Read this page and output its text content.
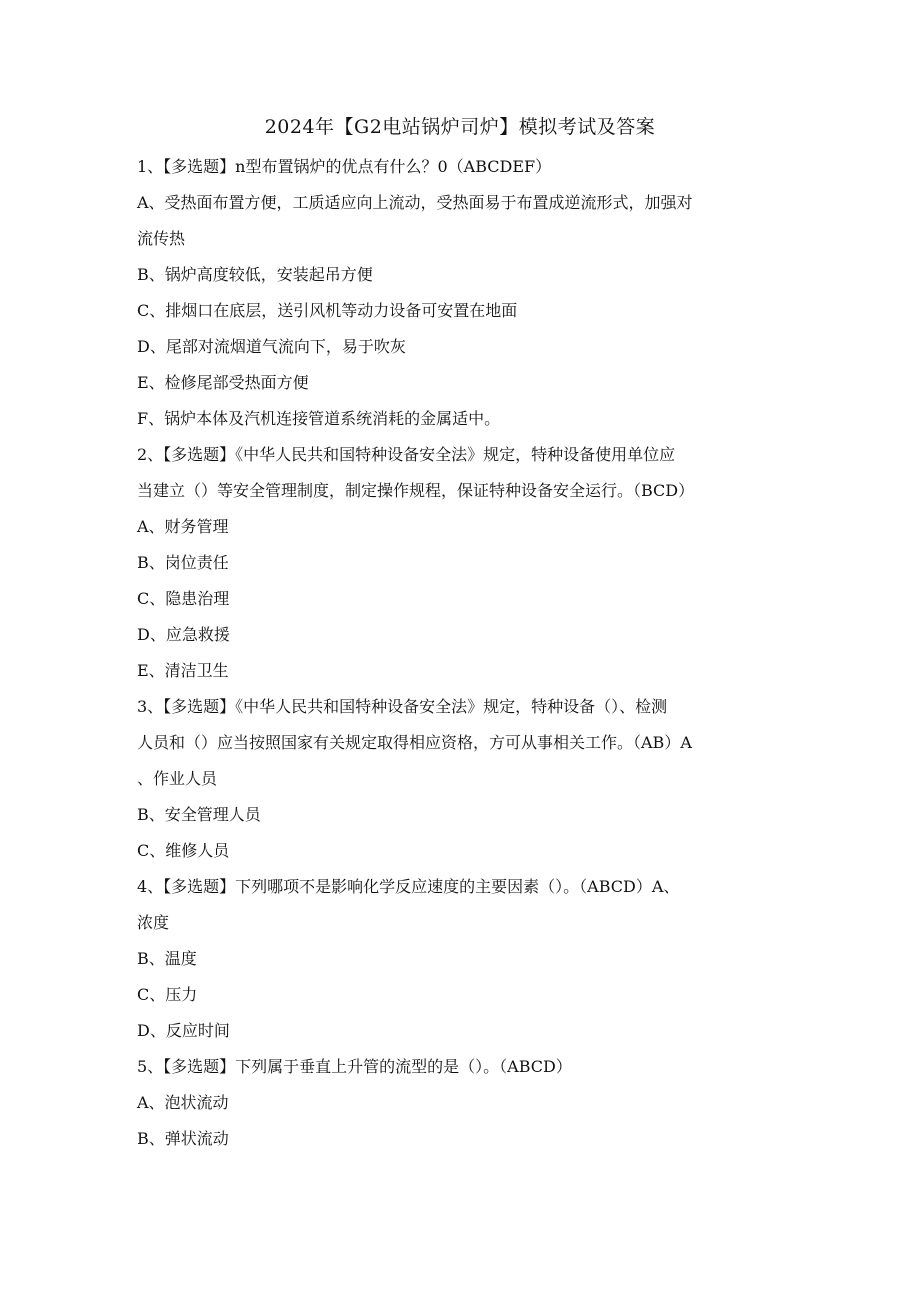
2024年【G2电站锅炉司炉】模拟考试及答案
1、【多选题】n型布置锅炉的优点有什么？0（ABCDEF）
A、受热面布置方便，工质适应向上流动，受热面易于布置成逆流形式，加强对
流传热
B、锅炉高度较低，安装起吊方便
C、排烟口在底层，送引风机等动力设备可安置在地面
D、尾部对流烟道气流向下，易于吹灰
E、检修尾部受热面方便
F、锅炉本体及汽机连接管道系统消耗的金属适中。
2、【多选题】《中华人民共和国特种设备安全法》规定，特种设备使用单位应
当建立（）等安全管理制度，制定操作规程，保证特种设备安全运行。（BCD）
A、财务管理
B、岗位责任
C、隐患治理
D、应急救援
E、清洁卫生
3、【多选题】《中华人民共和国特种设备安全法》规定，特种设备（）、检测
人员和（）应当按照国家有关规定取得相应资格，方可从事相关工作。（AB）A
、作业人员
B、安全管理人员
C、维修人员
4、【多选题】下列哪项不是影响化学反应速度的主要因素（）。（ABCD）A、
浓度
B、温度
C、压力
D、反应时间
5、【多选题】下列属于垂直上升管的流型的是（）。（ABCD）
A、泡状流动
B、弹状流动
